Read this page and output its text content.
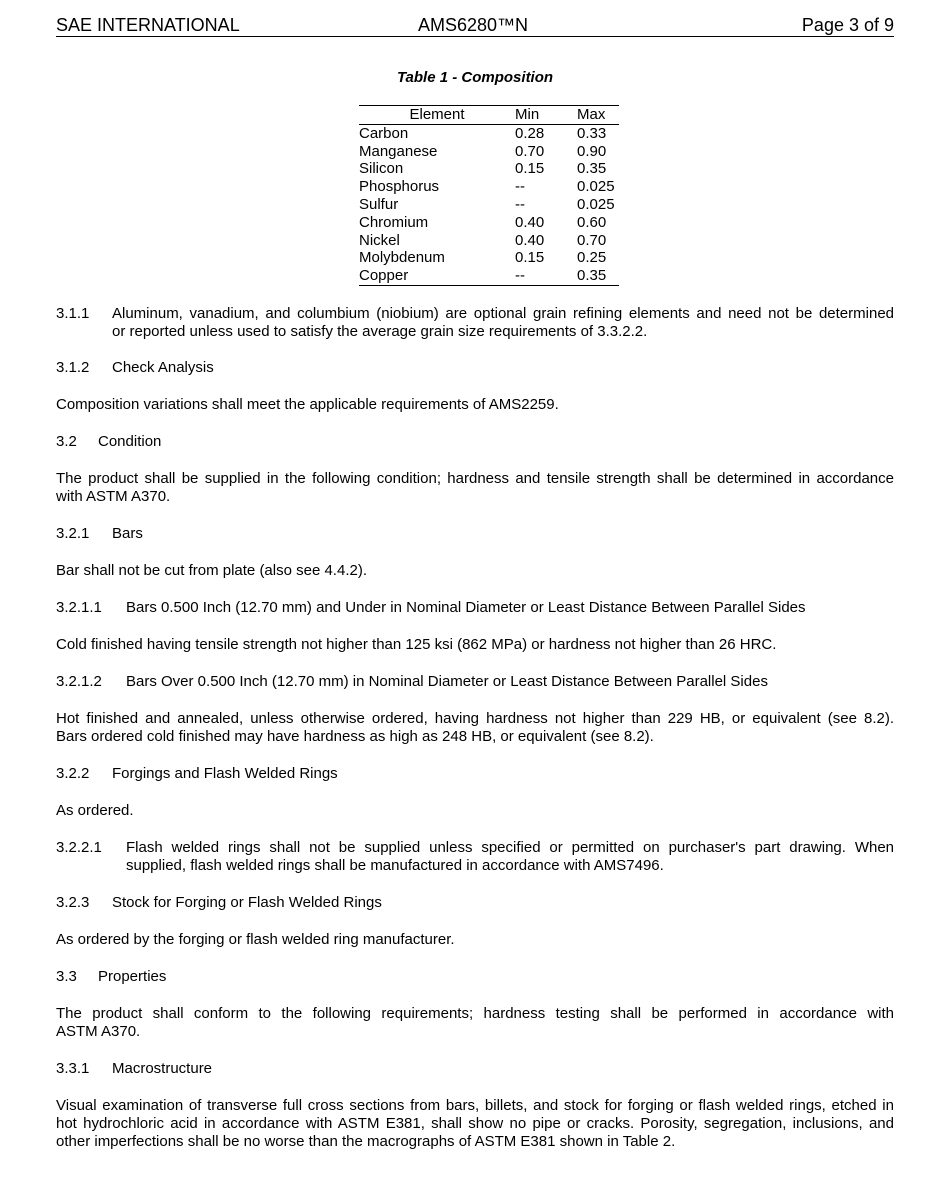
SAE INTERNATIONAL	AMS6280™N	Page 3 of 9
Table 1 - Composition
Element	Min	Max
Carbon	0.28	0.33
Manganese	0.70	0.90
Silicon	0.15	0.35
Phosphorus	--	0.025
Sulfur	--	0.025
Chromium	0.40	0.60
Nickel	0.40	0.70
Molybdenum	0.15	0.25
Copper	--	0.35
3.1.1	Aluminum, vanadium, and columbium (niobium) are optional grain refining elements and need not be determined
or reported unless used to satisfy the average grain size requirements of 3.3.2.2.
3.1.2	Check Analysis

Composition variations shall meet the applicable requirements of AMS2259.

3.2	Condition
The product shall be supplied in the following condition; hardness and tensile strength shall be determined in accordance
with ASTM A370.
3.2.1	Bars

Bar shall not be cut from plate (also see 4.4.2).

3.2.1.1	Bars 0.500 Inch (12.70 mm) and Under in Nominal Diameter or Least Distance Between Parallel Sides

Cold finished having tensile strength not higher than 125 ksi (862 MPa) or hardness not higher than 26 HRC.

3.2.1.2	Bars Over 0.500 Inch (12.70 mm) in Nominal Diameter or Least Distance Between Parallel Sides
Hot finished and annealed, unless otherwise ordered, having hardness not higher than 229 HB, or equivalent (see 8.2).
Bars ordered cold finished may have hardness as high as 248 HB, or equivalent (see 8.2).
3.2.2	Forgings and Flash Welded Rings

As ordered.

3.2.2.1	Flash welded rings shall not be supplied unless specified or permitted on purchaser's part drawing. When
supplied, flash welded rings shall be manufactured in accordance with AMS7496.
3.2.3	Stock for Forging or Flash Welded Rings

As ordered by the forging or flash welded ring manufacturer.

3.3	Properties
The product shall conform to the following requirements; hardness testing shall be performed in accordance with
ASTM A370.
3.3.1	Macrostructure
Visual examination of transverse full cross sections from bars, billets, and stock for forging or flash welded rings, etched in
hot hydrochloric acid in accordance with ASTM E381, shall show no pipe or cracks. Porosity, segregation, inclusions, and
other imperfections shall be no worse than the macrographs of ASTM E381 shown in Table 2.
